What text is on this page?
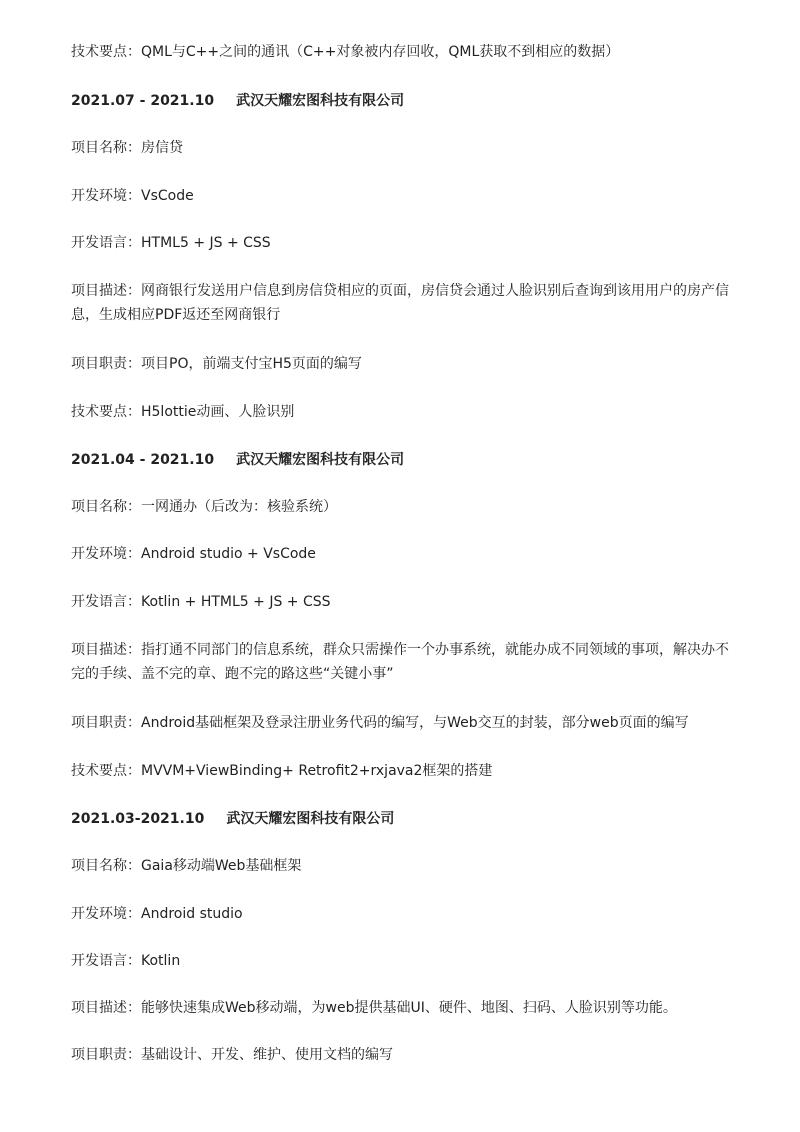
技术要点：QML与C++之间的通讯（C++对象被内存回收，QML获取不到相应的数据）
2021.07 - 2021.10 武汉天耀宏图科技有限公司
项目名称：房信贷
开发环境：VsCode
开发语言：HTML5 + JS + CSS
项目描述：网商银行发送用户信息到房信贷相应的页面，房信贷会通过人脸识别后查询到该用用户的房产信息，生成相应PDF返还至网商银行
项目职责：项目PO，前端支付宝H5页面的编写
技术要点：H5lottie动画、人脸识别
2021.04 - 2021.10 武汉天耀宏图科技有限公司
项目名称：一网通办（后改为：核验系统）
开发环境：Android studio + VsCode
开发语言：Kotlin + HTML5 + JS + CSS
项目描述：指打通不同部门的信息系统，群众只需操作一个办事系统，就能办成不同领域的事项，解决办不完的手续、盖不完的章、跑不完的路这些“关键小事”
项目职责：Android基础框架及登录注册业务代码的编写，与Web交互的封装，部分web页面的编写
技术要点：MVVM+ViewBinding+ Retrofit2+rxjava2框架的搭建
2021.03-2021.10 武汉天耀宏图科技有限公司
项目名称：Gaia移动端Web基础框架
开发环境：Android studio
开发语言：Kotlin
项目描述：能够快速集成Web移动端，为web提供基础UI、硬件、地图、扫码、人脸识别等功能。
项目职责：基础设计、开发、维护、使用文档的编写
